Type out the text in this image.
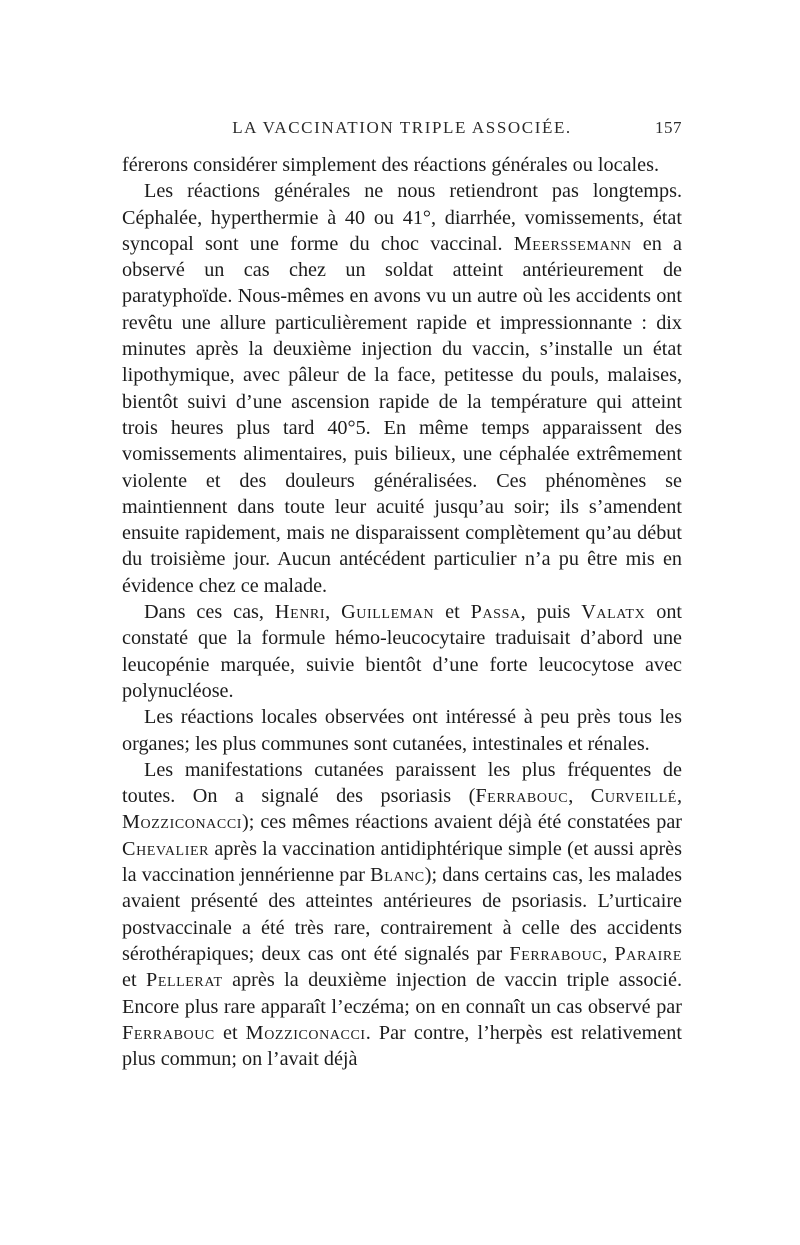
LA VACCINATION TRIPLE ASSOCIÉE.	157

férerons considérer simplement des réactions générales ou locales.

Les réactions générales ne nous retiendront pas longtemps. Céphalée, hyperthermie à 40 ou 41°, diarrhée, vomissements, état syncopal sont une forme du choc vaccinal. Meerssemann en a observé un cas chez un soldat atteint antérieurement de paratyphoïde. Nous-mêmes en avons vu un autre où les accidents ont revêtu une allure particulièrement rapide et impressionnante : dix minutes après la deuxième injection du vaccin, s’installe un état lipothymique, avec pâleur de la face, petitesse du pouls, malaises, bientôt suivi d’une ascension rapide de la température qui atteint trois heures plus tard 40°5. En même temps apparaissent des vomissements alimentaires, puis bilieux, une céphalée extrêmement violente et des douleurs généralisées. Ces phénomènes se maintiennent dans toute leur acuité jusqu’au soir; ils s’amendent ensuite rapidement, mais ne disparaissent complètement qu’au début du troisième jour. Aucun antécédent particulier n’a pu être mis en évidence chez ce malade.

Dans ces cas, Henri, Guilleman et Passa, puis Valatx ont constaté que la formule hémo-leucocytaire traduisait d’abord une leucopénie marquée, suivie bientôt d’une forte leucocytose avec polynucléose.

Les réactions locales observées ont intéressé à peu près tous les organes; les plus communes sont cutanées, intestinales et rénales.

Les manifestations cutanées paraissent les plus fréquentes de toutes. On a signalé des psoriasis (Ferrabouc, Curveillé, Mozziconacci); ces mêmes réactions avaient déjà été constatées par Chevalier après la vaccination antidiphtérique simple (et aussi après la vaccination jennérienne par Blanc); dans certains cas, les malades avaient présenté des atteintes antérieures de psoriasis. L’urticaire postvaccinale a été très rare, contrairement à celle des accidents sérothérapiques; deux cas ont été signalés par Ferrabouc, Paraire et Pellerat après la deuxième injection de vaccin triple associé. Encore plus rare apparaît l’eczéma; on en connaît un cas observé par Ferrabouc et Mozziconacci. Par contre, l’herpès est relativement plus commun; on l’avait déjà
